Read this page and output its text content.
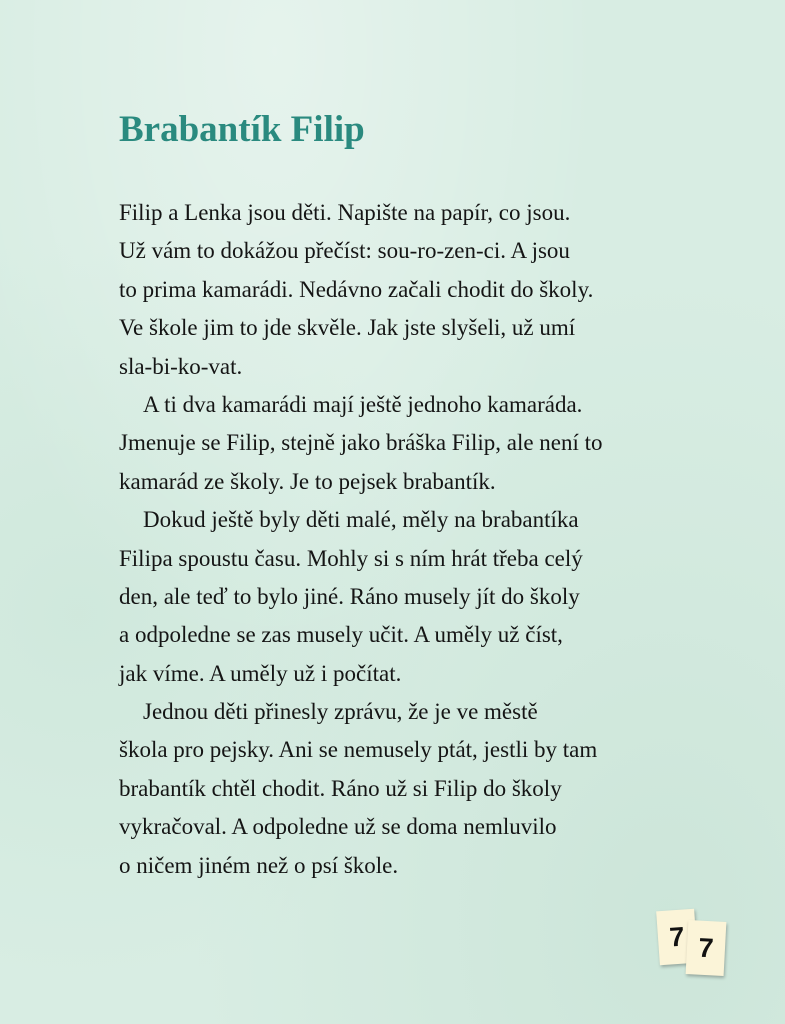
Brabantík Filip
Filip a Lenka jsou děti. Napište na papír, co jsou.
Už vám to dokážou přečíst: sou-ro-zen-ci. A jsou
to prima kamarádi. Nedávno začali chodit do školy.
Ve škole jim to jde skvěle. Jak jste slyšeli, už umí
sla-bi-ko-vat.
A ti dva kamarádi mají ještě jednoho kamaráda.
Jmenuje se Filip, stejně jako bráška Filip, ale není to
kamarád ze školy. Je to pejsek brabantík.
Dokud ještě byly děti malé, měly na brabantíka
Filipa spoustu času. Mohly si s ním hrát třeba celý
den, ale teď to bylo jiné. Ráno musely jít do školy
a odpoledne se zas musely učit. A uměly už číst,
jak víme. A uměly už i počítat.
Jednou děti přinesly zprávu, že je ve městě
škola pro pejsky. Ani se nemusely ptát, jestli by tam
brabantík chtěl chodit. Ráno už si Filip do školy
vykračoval. A odpoledne už se doma nemluvilo
o ničem jiném než o psí škole.
7 7
